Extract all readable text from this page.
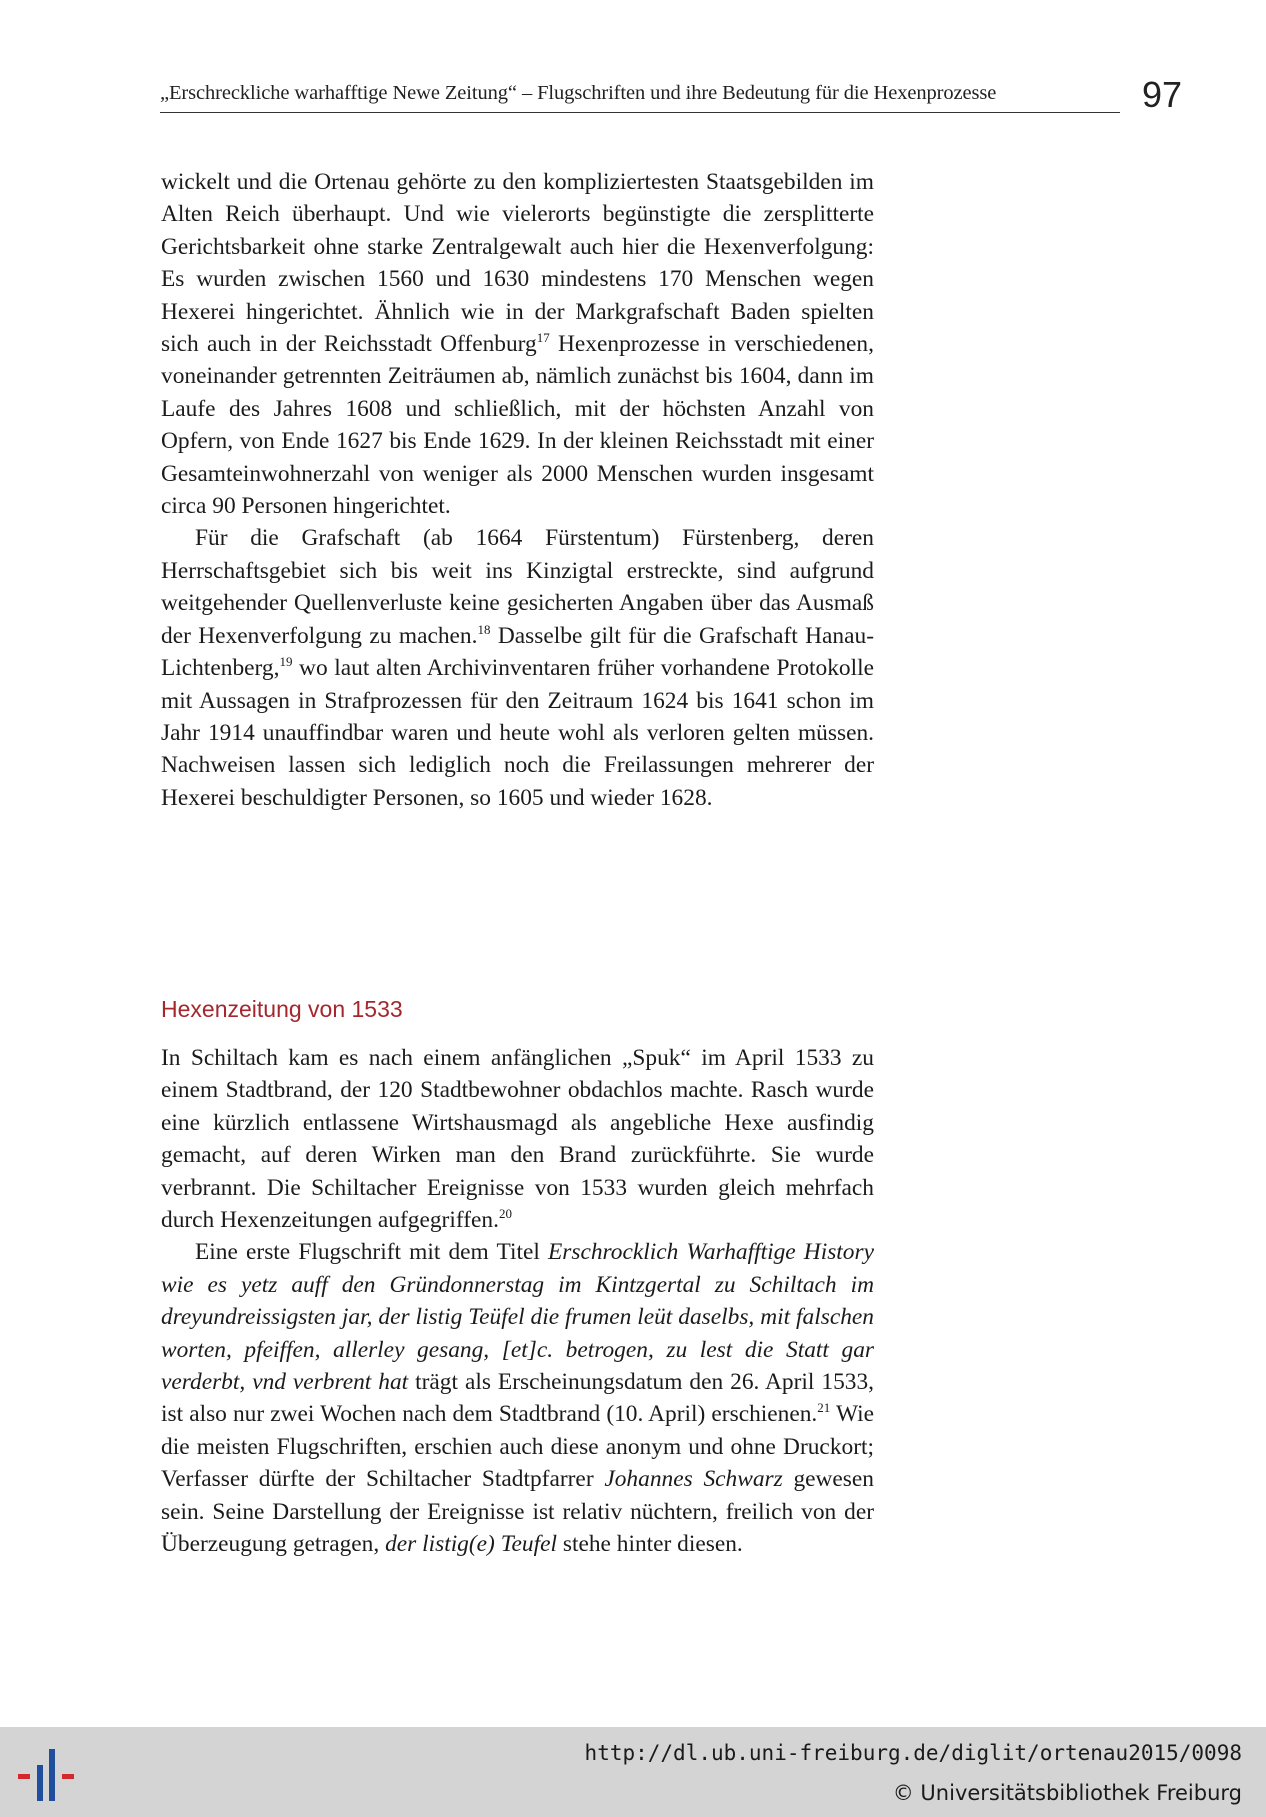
„Erschreckliche warhafftige Newe Zeitung“ – Flugschriften und ihre Bedeutung für die Hexenprozesse	97

wickelt und die Ortenau gehörte zu den kompliziertesten Staatsgebilden im Alten Reich überhaupt. Und wie vielerorts begünstigte die zersplitterte Gerichtsbarkeit ohne starke Zentralgewalt auch hier die Hexenverfolgung: Es wurden zwischen 1560 und 1630 mindestens 170 Menschen wegen Hexerei hingerichtet. Ähnlich wie in der Markgrafschaft Baden spielten sich auch in der Reichsstadt Offenburg$^{17}$ Hexenprozesse in verschiedenen, voneinander getrennten Zeiträumen ab, nämlich zunächst bis 1604, dann im Laufe des Jahres 1608 und schließlich, mit der höchsten Anzahl von Opfern, von Ende 1627 bis Ende 1629. In der kleinen Reichsstadt mit einer Gesamteinwohnerzahl von weniger als 2000 Menschen wurden insgesamt circa 90 Personen hingerichtet.

Für die Grafschaft (ab 1664 Fürstentum) Fürstenberg, deren Herrschaftsgebiet sich bis weit ins Kinzigtal erstreckte, sind aufgrund weitgehender Quellenverluste keine gesicherten Angaben über das Ausmaß der Hexenverfolgung zu machen.$^{18}$ Dasselbe gilt für die Grafschaft Hanau-Lichtenberg,$^{19}$ wo laut alten Archivinventaren früher vorhandene Protokolle mit Aussagen in Strafprozessen für den Zeitraum 1624 bis 1641 schon im Jahr 1914 unauffindbar waren und heute wohl als verloren gelten müssen. Nachweisen lassen sich lediglich noch die Freilassungen mehrerer der Hexerei beschuldigter Personen, so 1605 und wieder 1628.

Hexenzeitung von 1533

In Schiltach kam es nach einem anfänglichen „Spuk“ im April 1533 zu einem Stadtbrand, der 120 Stadtbewohner obdachlos machte. Rasch wurde eine kürzlich entlassene Wirtshausmagd als angebliche Hexe ausfindig gemacht, auf deren Wirken man den Brand zurückführte. Sie wurde verbrannt. Die Schiltacher Ereignisse von 1533 wurden gleich mehrfach durch Hexenzeitungen aufgegriffen.$^{20}$

Eine erste Flugschrift mit dem Titel Erschrocklich Warhafftige History wie es yetz auff den Gründonnerstag im Kintzgertal zu Schiltach im dreyundreissigsten jar, der listig Teüfel die frumen leüt daselbs, mit falschen worten, pfeiffen, allerley gesang, [et]c. betrogen, zu lest die Statt gar verderbt, vnd verbrent hat trägt als Erscheinungsdatum den 26. April 1533, ist also nur zwei Wochen nach dem Stadtbrand (10. April) erschienen.$^{21}$ Wie die meisten Flugschriften, erschien auch diese anonym und ohne Druckort; Verfasser dürfte der Schiltacher Stadtpfarrer Johannes Schwarz gewesen sein. Seine Darstellung der Ereignisse ist relativ nüchtern, freilich von der Überzeugung getragen, der listig(e) Teufel stehe hinter diesen.

http://dl.ub.uni-freiburg.de/diglit/ortenau2015/0098
© Universitätsbibliothek Freiburg
